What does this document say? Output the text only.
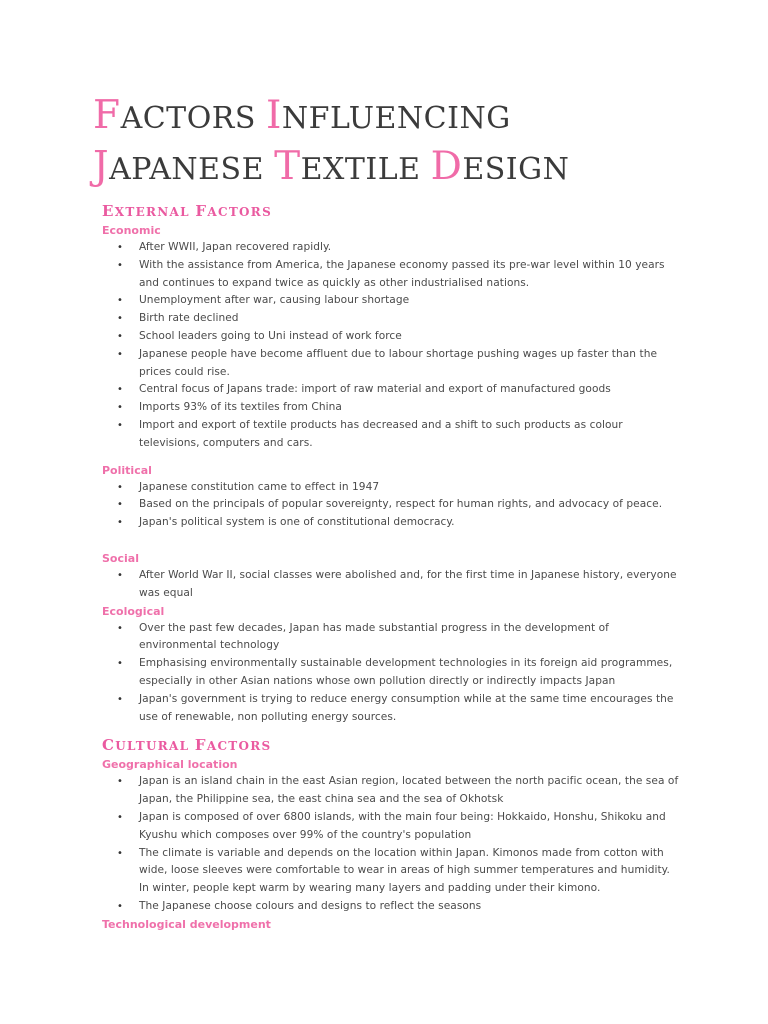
FACTORS INFLUENCING
JAPANESE TEXTILE DESIGN
EXTERNAL FACTORS
Economic
• After WWII, Japan recovered rapidly.
• With the assistance from America, the Japanese economy passed its pre-war level within 10 years and continues to expand twice as quickly as other industrialised nations.
• Unemployment after war, causing labour shortage
• Birth rate declined
• School leaders going to Uni instead of work force
• Japanese people have become affluent due to labour shortage pushing wages up faster than the prices could rise.
• Central focus of Japans trade: import of raw material and export of manufactured goods
• Imports 93% of its textiles from China
• Import and export of textile products has decreased and a shift to such products as colour televisions, computers and cars.
Political
• Japanese constitution came to effect in 1947
• Based on the principals of popular sovereignty, respect for human rights, and advocacy of peace.
• Japan's political system is one of constitutional democracy.
Social
• After World War II, social classes were abolished and, for the first time in Japanese history, everyone was equal
Ecological
• Over the past few decades, Japan has made substantial progress in the development of environmental technology
• Emphasising environmentally sustainable development technologies in its foreign aid programmes, especially in other Asian nations whose own pollution directly or indirectly impacts Japan
• Japan's government is trying to reduce energy consumption while at the same time encourages the use of renewable, non polluting energy sources.
CULTURAL FACTORS
Geographical location
• Japan is an island chain in the east Asian region, located between the north pacific ocean, the sea of Japan, the Philippine sea, the east china sea and the sea of Okhotsk
• Japan is composed of over 6800 islands, with the main four being: Hokkaido, Honshu, Shikoku and Kyushu which composes over 99% of the country's population
• The climate is variable and depends on the location within Japan. Kimonos made from cotton with wide, loose sleeves were comfortable to wear in areas of high summer temperatures and humidity. In winter, people kept warm by wearing many layers and padding under their kimono.
• The Japanese choose colours and designs to reflect the seasons
Technological development
